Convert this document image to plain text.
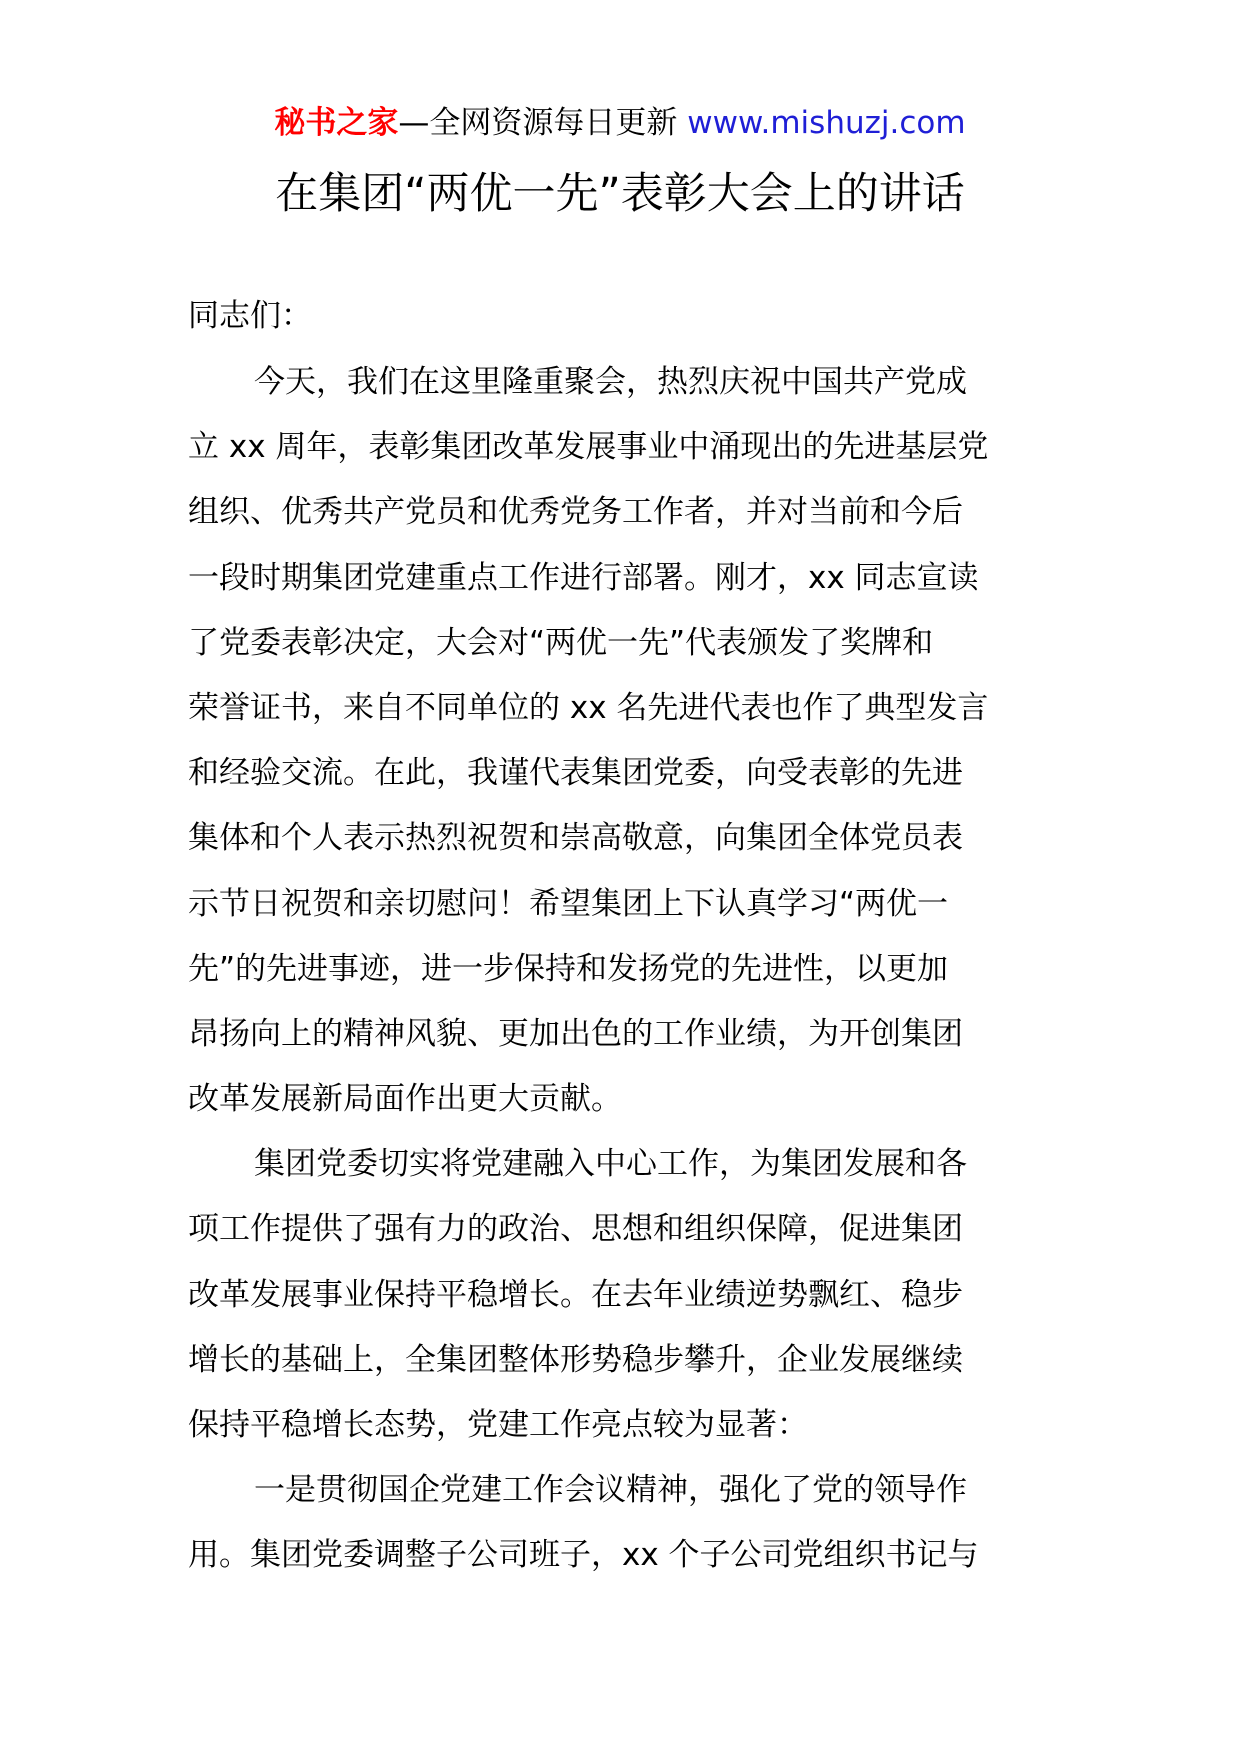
秘书之家—全网资源每日更新 www.mishuzj.com
在集团“两优一先”表彰大会上的讲话
同志们：
今天，我们在这里隆重聚会，热烈庆祝中国共产党成
立 xx 周年，表彰集团改革发展事业中涌现出的先进基层党
组织、优秀共产党员和优秀党务工作者，并对当前和今后
一段时期集团党建重点工作进行部署。刚才，xx 同志宣读
了党委表彰决定，大会对“两优一先”代表颁发了奖牌和
荣誉证书，来自不同单位的 xx 名先进代表也作了典型发言
和经验交流。在此，我谨代表集团党委，向受表彰的先进
集体和个人表示热烈祝贺和崇高敬意，向集团全体党员表
示节日祝贺和亲切慰问！希望集团上下认真学习“两优一
先”的先进事迹，进一步保持和发扬党的先进性，以更加
昂扬向上的精神风貌、更加出色的工作业绩，为开创集团
改革发展新局面作出更大贡献。
集团党委切实将党建融入中心工作，为集团发展和各
项工作提供了强有力的政治、思想和组织保障，促进集团
改革发展事业保持平稳增长。在去年业绩逆势飘红、稳步
增长的基础上，全集团整体形势稳步攀升，企业发展继续
保持平稳增长态势，党建工作亮点较为显著：
一是贯彻国企党建工作会议精神，强化了党的领导作
用。集团党委调整子公司班子，xx 个子公司党组织书记与
